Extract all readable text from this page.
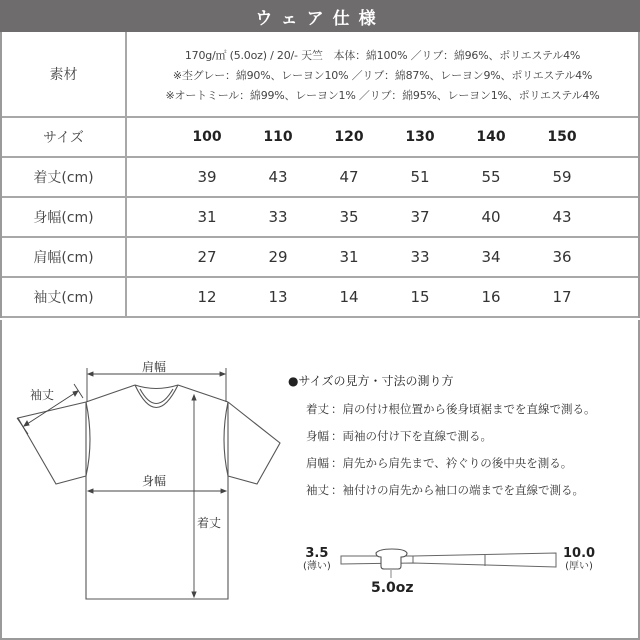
ウェア仕様
素材
170g/㎡ (5.0oz) / 20/- 天竺　本体：綿100% ／リブ：綿96%、ポリエステル4%
※杢グレー：綿90%、レーヨン10% ／リブ：綿87%、レーヨン9%、ポリエステル4%
※オートミール：綿99%、レーヨン1% ／リブ：綿95%、レーヨン1%、ポリエステル4%
サイズ	100	110	120	130	140	150
着丈(cm)	39	43	47	51	55	59
身幅(cm)	31	33	35	37	40	43
肩幅(cm)	27	29	31	33	34	36
袖丈(cm)	12	13	14	15	16	17
肩幅
袖丈
身幅
着丈
●サイズの見方・寸法の測り方
着丈 ：肩の付け根位置から後身頃裾までを直線で測る。
身幅 ：両袖の付け下を直線で測る。
肩幅 ：肩先から肩先まで、衿ぐりの後中央を測る。
袖丈 ：袖付けの肩先から袖口の端までを直線で測る。
3.5
(薄い)
10.0
(厚い)
5.0oz
